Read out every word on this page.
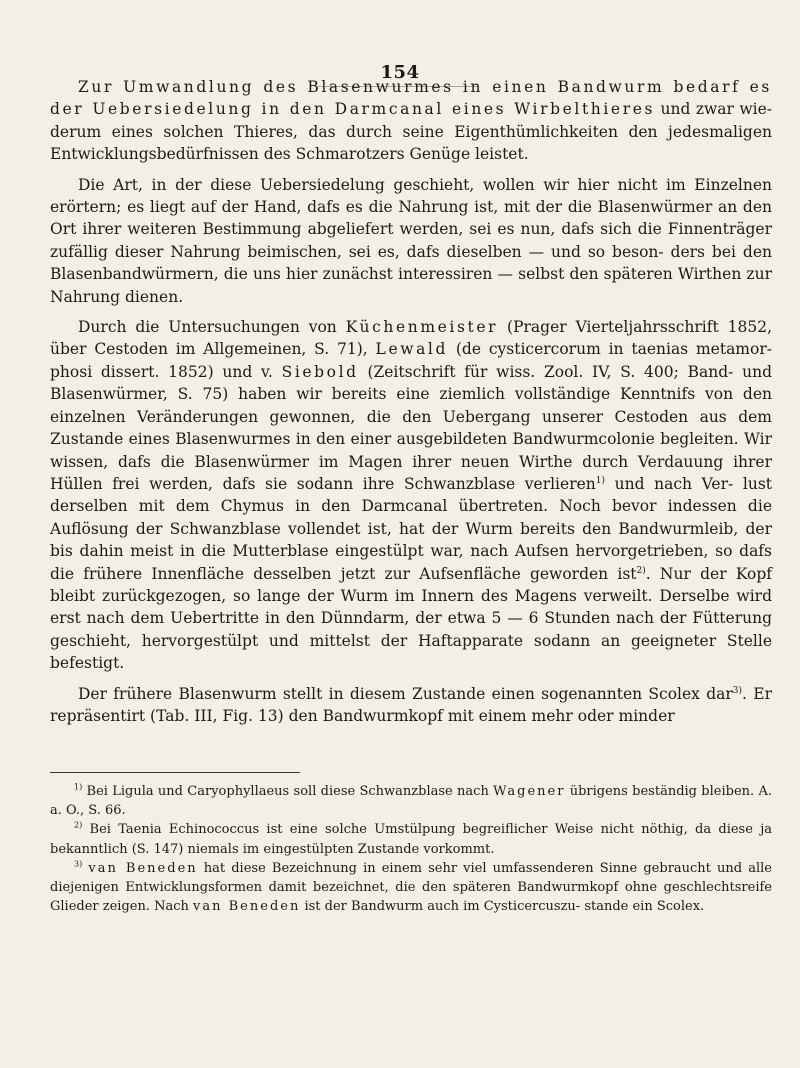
154

Zur Umwandlung des Blasenwurmes in einen Bandwurm bedarf es der Uebersiedelung in den Darmcanal eines Wirbelthieres und zwar wie- derum eines solchen Thieres, das durch seine Eigenthümlichkeiten den jedesmaligen Entwicklungsbedürfnissen des Schmarotzers Genüge leistet.

Die Art, in der diese Uebersiedelung geschieht, wollen wir hier nicht im Einzelnen erörtern; es liegt auf der Hand, dafs es die Nahrung ist, mit der die Blasenwürmer an den Ort ihrer weiteren Bestimmung abgeliefert werden, sei es nun, dafs sich die Finnenträger zufällig dieser Nahrung beimischen, sei es, dafs dieselben — und so beson- ders bei den Blasenbandwürmern, die uns hier zunächst interessiren — selbst den späteren Wirthen zur Nahrung dienen.

Durch die Untersuchungen von Küchenmeister (Prager Vierteljahrsschrift 1852, über Cestoden im Allgemeinen, S. 71), Lewald (de cysticercorum in taenias metamor- phosi dissert. 1852) und v. Siebold (Zeitschrift für wiss. Zool. IV, S. 400; Band- und Blasenwürmer, S. 75) haben wir bereits eine ziemlich vollständige Kenntnifs von den einzelnen Veränderungen gewonnen, die den Uebergang unserer Cestoden aus dem Zustande eines Blasenwurmes in den einer ausgebildeten Bandwurmcolonie begleiten. Wir wissen, dafs die Blasenwürmer im Magen ihrer neuen Wirthe durch Verdauung ihrer Hüllen frei werden, dafs sie sodann ihre Schwanzblase verlieren$^{1)}$ und nach Ver- lust derselben mit dem Chymus in den Darmcanal übertreten. Noch bevor indessen die Auflösung der Schwanzblase vollendet ist, hat der Wurm bereits den Bandwurmleib, der bis dahin meist in die Mutterblase eingestülpt war, nach Aufsen hervorgetrieben, so dafs die frühere Innenfläche desselben jetzt zur Aufsenfläche geworden ist$^{2)}$. Nur der Kopf bleibt zurückgezogen, so lange der Wurm im Innern des Magens verweilt. Derselbe wird erst nach dem Uebertritte in den Dünndarm, der etwa 5 — 6 Stunden nach der Fütterung geschieht, hervorgestülpt und mittelst der Haftapparate sodann an geeigneter Stelle befestigt.

Der frühere Blasenwurm stellt in diesem Zustande einen sogenannten Scolex dar$^{3)}$. Er repräsentirt (Tab. III, Fig. 13) den Bandwurmkopf mit einem mehr oder minder

$^{1)}$ Bei Ligula und Caryophyllaeus soll diese Schwanzblase nach Wagener übrigens beständig bleiben. A. a. O., S. 66.

$^{2)}$ Bei Taenia Echinococcus ist eine solche Umstülpung begreiflicher Weise nicht nöthig, da diese ja bekanntlich (S. 147) niemals im eingestülpten Zustande vorkommt.

$^{3)}$ van Beneden hat diese Bezeichnung in einem sehr viel umfassenderen Sinne gebraucht und alle diejenigen Entwicklungsformen damit bezeichnet, die den späteren Bandwurmkopf ohne geschlechtsreife Glieder zeigen. Nach van Beneden ist der Bandwurm auch im Cysticercuszu- stande ein Scolex.
